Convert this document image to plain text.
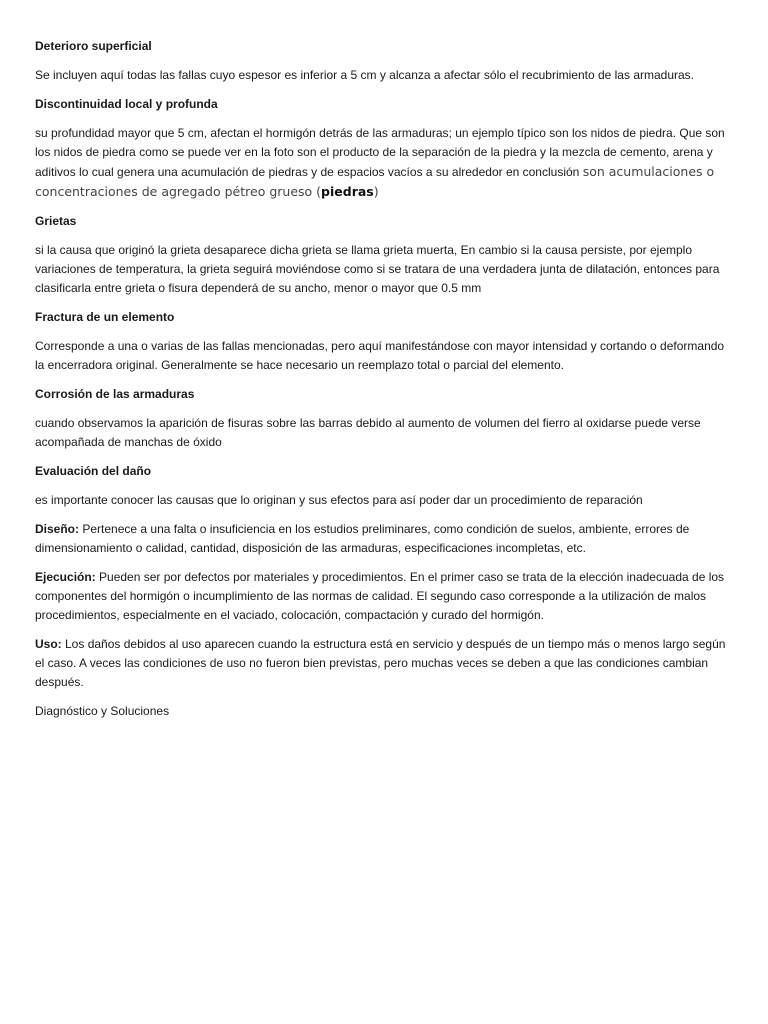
Deterioro superficial
Se incluyen aquí todas las fallas cuyo espesor es inferior a 5 cm y alcanza a afectar sólo el recubrimiento de las armaduras.
Discontinuidad local y profunda
su profundidad mayor que 5 cm, afectan el hormigón detrás de las armaduras; un ejemplo típico son los nidos de piedra. Que son los nidos de piedra como se puede ver en la foto son el producto de la separación de la piedra y la mezcla de cemento, arena y aditivos lo cual genera una acumulación de piedras y de espacios vacíos a su alrededor en conclusión son acumulaciones o concentraciones de agregado pétreo grueso (piedras)
Grietas
si la causa que originó la grieta desaparece dicha grieta se llama grieta muerta, En cambio si la causa persiste, por ejemplo variaciones de temperatura, la grieta seguirá moviéndose como si se tratara de una verdadera junta de dilatación, entonces para clasificarla entre grieta o fisura dependerá de su ancho, menor o mayor que 0.5 mm
Fractura de un elemento
Corresponde a una o varias de las fallas mencionadas, pero aquí manifestándose con mayor intensidad y cortando o deformando la encerradora original. Generalmente se hace necesario un reemplazo total o parcial del elemento.
Corrosión de las armaduras
cuando observamos la aparición de fisuras sobre las barras debido al aumento de volumen del fierro al oxidarse puede verse acompañada de manchas de óxido
Evaluación del daño
es importante conocer las causas que lo originan y sus efectos para así poder dar un procedimiento de reparación
Diseño: Pertenece a una falta o insuficiencia en los estudios preliminares, como condición de suelos, ambiente, errores de dimensionamiento o calidad, cantidad, disposición de las armaduras, especificaciones incompletas, etc.
Ejecución: Pueden ser por defectos por materiales y procedimientos. En el primer caso se trata de la elección inadecuada de los componentes del hormigón o incumplimiento de las normas de calidad. El segundo caso corresponde a la utilización de malos procedimientos, especialmente en el vaciado, colocación, compactación y curado del hormigón.
Uso: Los daños debidos al uso aparecen cuando la estructura está en servicio y después de un tiempo más o menos largo según el caso. A veces las condiciones de uso no fueron bien previstas, pero muchas veces se deben a que las condiciones cambian después.
Diagnóstico y Soluciones
